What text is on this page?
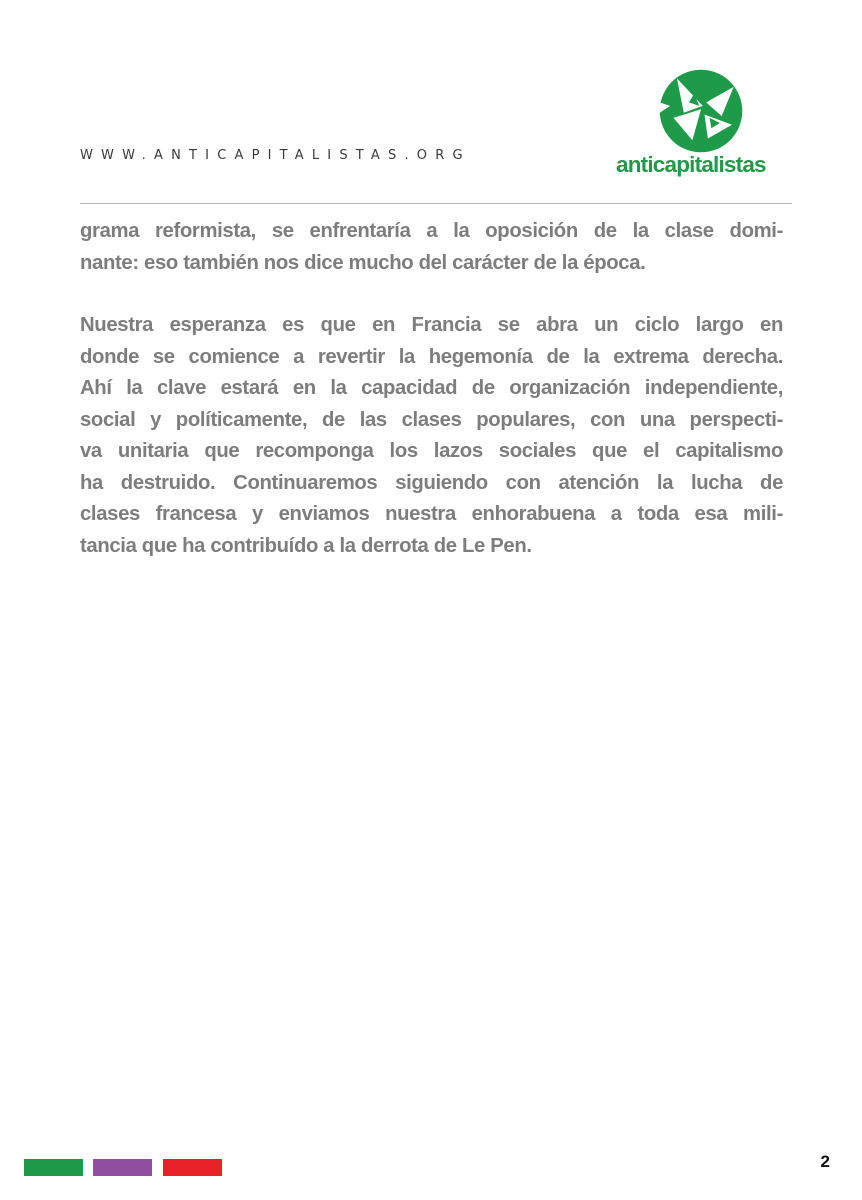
WWW.ANTICAPITALISTAS.ORG	anticapitalistas
grama reformista, se enfrentaría a la oposición de la clase domi-
nante: eso también nos dice mucho del carácter de la época.
Nuestra esperanza es que en Francia se abra un ciclo largo en
donde se comience a revertir la hegemonía de la extrema derecha.
Ahí la clave estará en la capacidad de organización independiente,
social y políticamente, de las clases populares, con una perspecti-
va unitaria que recomponga los lazos sociales que el capitalismo
ha destruido. Continuaremos siguiendo con atención la lucha de
clases francesa y enviamos nuestra enhorabuena a toda esa mili-
tancia que ha contribuído a la derrota de Le Pen.
2
